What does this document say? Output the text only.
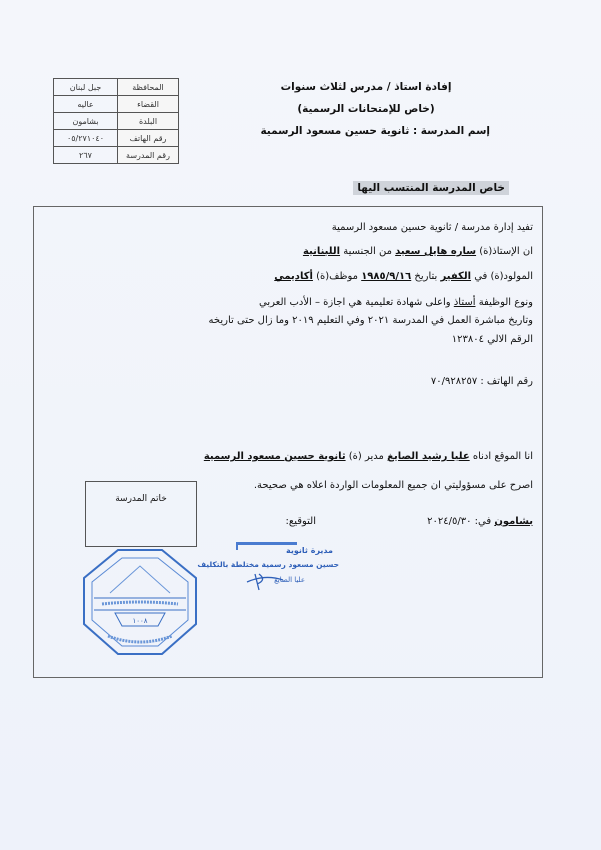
المحافظة	جبل لبنان
القضاء	عاليه
البلدة	بشامون
رقم الهاتف	٠٥/٢٧١٠٤٠
رقم المدرسة	٢٦٧
إفادة استاذ / مدرس لثلاث سنوات
(خاص للإمتحانات الرسمية)
إسم المدرسة : ثانوية حسين مسعود الرسمية
خاص المدرسة المنتسب اليها
تفيد إدارة مدرسة / ثانوية حسين مسعود الرسمية
ان الإستاذ(ة) ساره هايل سعيد من الجنسية اللبنانية
المولود(ة) في الكفير بتاريخ ١٩٨٥/٩/١٦ موظف(ة) أكاديمي
ونوع الوظيفة أستاذ واعلى شهادة تعليمية هي اجازة – الأدب العربي
وتاريخ مباشرة العمل في المدرسة ٢٠٢١ وفي التعليم ٢٠١٩ وما زال حتى تاريخه
الرقم الالي ١٢٣٨٠٤
رقم الهاتف : ٧٠/٩٢٨٢٥٧
انا الموقع ادناه عليا رشيد الصايغ مدير (ة) ثانوية حسين مسعود الرسمية
اصرح على مسؤوليتي ان جميع المعلومات الواردة اعلاه هي صحيحة.
بشامون في: ٢٠٢٤/٥/٣٠
التوقيع:
خاتم المدرسة
١٠٠٨
مديرة ثانوية
حسين مسعود رسمية مختلطة بالتكليف
عليا الصايغ
